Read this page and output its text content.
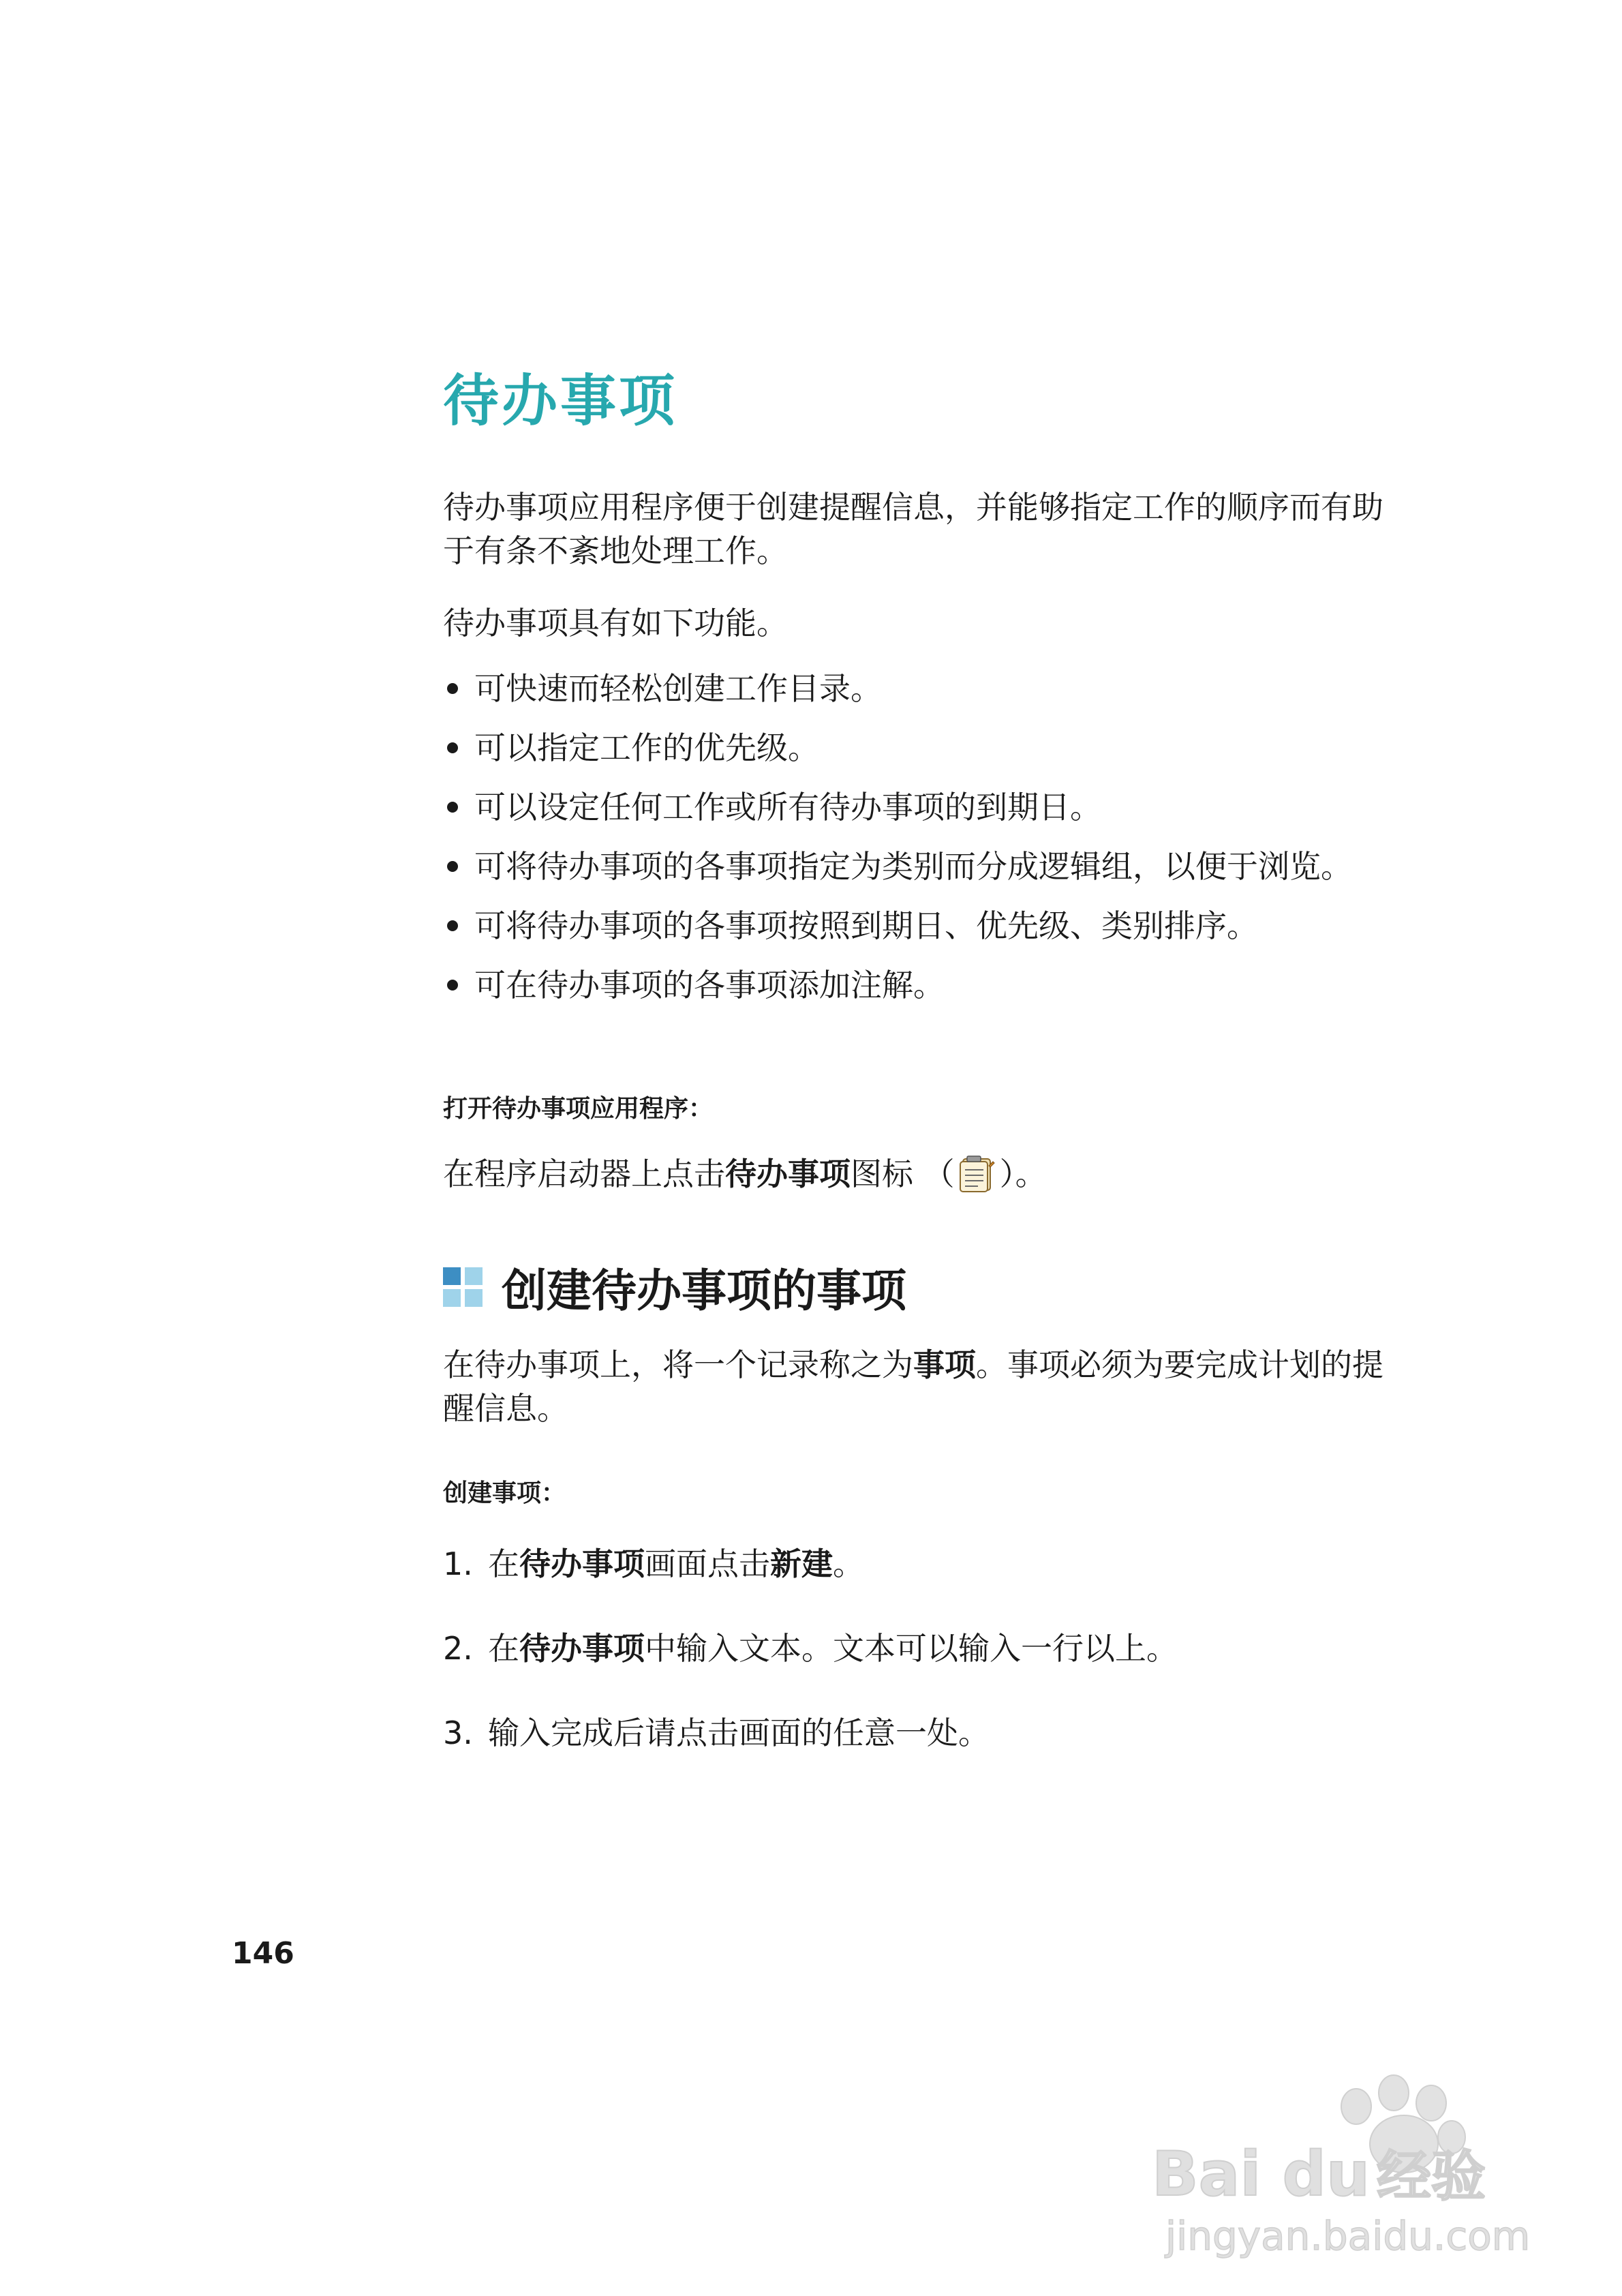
待办事项

待办事项应用程序便于创建提醒信息，并能够指定工作的顺序而有助于有条不紊地处理工作。

待办事项具有如下功能。

可快速而轻松创建工作目录。
可以指定工作的优先级。
可以设定任何工作或所有待办事项的到期日。
可将待办事项的各事项指定为类别而分成逻辑组，以便于浏览。
可将待办事项的各事项按照到期日、优先级、类别排序。
可在待办事项的各事项添加注解。

打开待办事项应用程序：

在程序启动器上点击待办事项图标 （ ）。

创建待办事项的事项

在待办事项上，将一个记录称之为事项。事项必须为要完成计划的提醒信息。

创建事项：

1. 在待办事项画面点击新建。
2. 在待办事项中输入文本。文本可以输入一行以上。
3. 输入完成后请点击画面的任意一处。
146
Bai du 经验
jingyan.baidu.com
